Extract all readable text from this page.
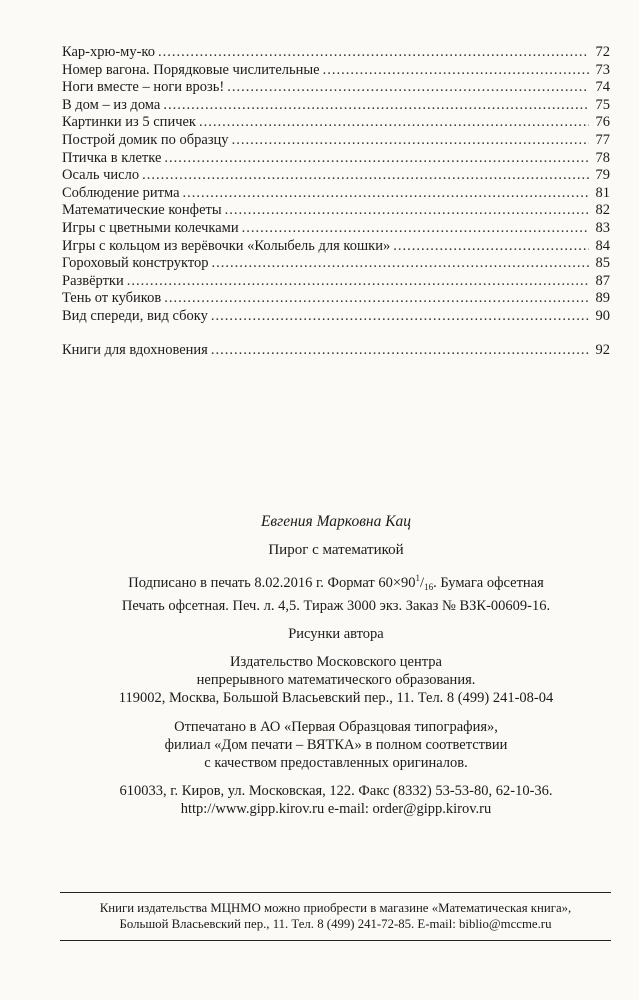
Кар-хрю-му-ко .....	72
Номер вагона. Порядковые числительные .....	73
Ноги вместе – ноги врозь! .....	74
В дом – из дома .....	75
Картинки из 5 спичек .....	76
Построй домик по образцу .....	77
Птичка в клетке .....	78
Осаль число .....	79
Соблюдение ритма .....	81
Математические конфеты .....	82
Игры с цветными колечками .....	83
Игры с кольцом из верёвочки «Колыбель для кошки» .....	84
Гороховый конструктор .....	85
Развёртки .....	87
Тень от кубиков .....	89
Вид спереди, вид сбоку .....	90
Книги для вдохновения .....	92
Евгения Марковна Кац
Пирог с математикой
Подписано в печать 8.02.2016 г. Формат $60\times 90^1/_{16}$. Бумага офсетная
Печать офсетная. Печ. л. 4,5. Тираж 3000 экз. Заказ № ВЗК-00609-16.
Рисунки автора
Издательство Московского центра
непрерывного математического образования.
119002, Москва, Большой Власьевский пер., 11. Тел. 8 (499) 241-08-04
Отпечатано в АО «Первая Образцовая типография»,
филиал «Дом печати – ВЯТКА» в полном соответствии
с качеством предоставленных оригиналов.
610033, г. Киров, ул. Московская, 122. Факс (8332) 53-53-80, 62-10-36.
http://www.gipp.kirov.ru e-mail: order@gipp.kirov.ru
Книги издательства МЦНМО можно приобрести в магазине «Математическая книга»,
Большой Власьевский пер., 11. Тел. 8 (499) 241-72-85. E-mail: biblio@mccme.ru
